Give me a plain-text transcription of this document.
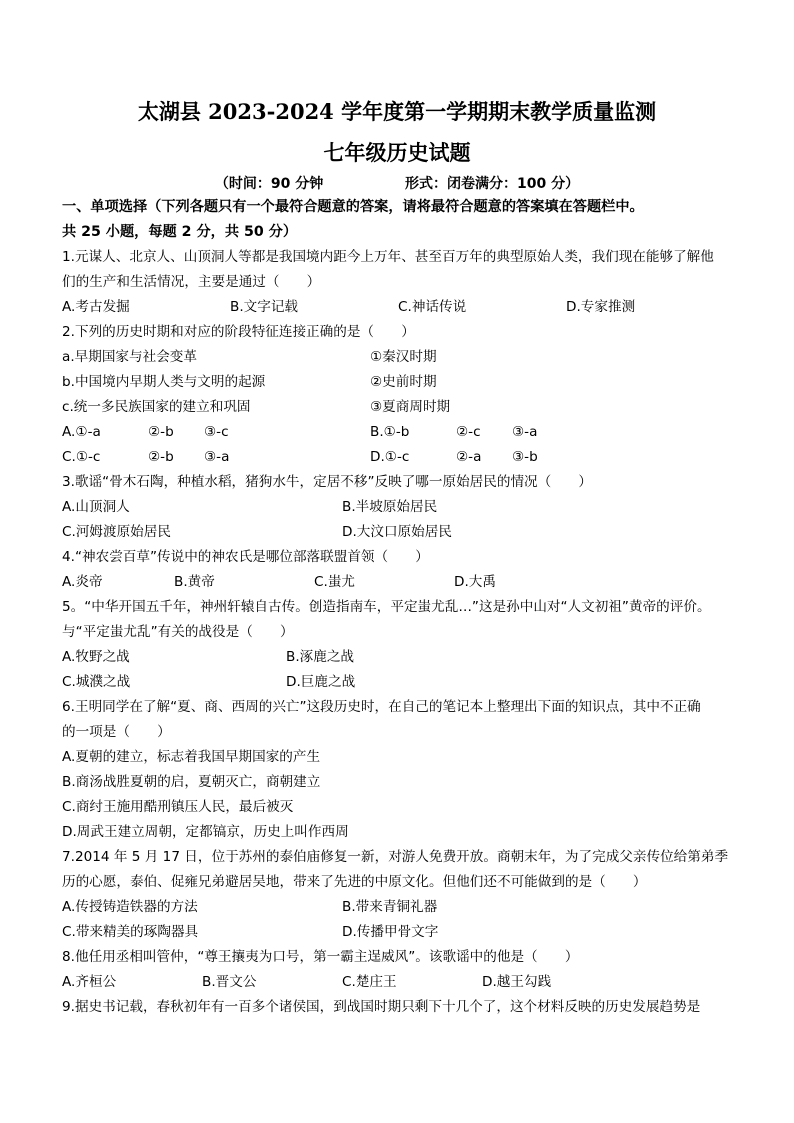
太湖县 2023-2024 学年度第一学期期末教学质量监测
七年级历史试题
（时间：90 分钟	形式：闭卷满分：100 分）
一、单项选择（下列各题只有一个最符合题意的答案，请将最符合题意的答案填在答题栏中。
共 25 小题，每题 2 分，共 50 分）
1.元谋人、北京人、山顶洞人等都是我国境内距今上万年、甚至百万年的典型原始人类，我们现在能够了解他
们的生产和生活情况，主要是通过（　　）
A.考古发掘	B.文字记载	C.神话传说	D.专家推测
2.下列的历史时期和对应的阶段特征连接正确的是（　　）
a.早期国家与社会变革	①秦汉时期
b.中国境内早期人类与文明的起源	②史前时期
c.统一多民族国家的建立和巩固	③夏商周时期
A.①-a	②-b ③-c	B.①-b	②-c ③-a
C.①-c	②-b ③-a	D.①-c	②-a ③-b
3.歌谣“骨木石陶，种植水稻，猪狗水牛，定居不移”反映了哪一原始居民的情况（　　）
A.山顶洞人	B.半坡原始居民
C.河姆渡原始居民	D.大汶口原始居民
4.“神农尝百草”传说中的神农氏是哪位部落联盟首领（　　）
A.炎帝	B.黄帝	C.蚩尤	D.大禹
5。“中华开国五千年，神州轩辕自古传。创造指南车，平定蚩尤乱…”这是孙中山对“人文初祖”黄帝的评价。
与“平定蚩尤乱”有关的战役是（　　）
A.牧野之战	B.涿鹿之战
C.城濮之战	D.巨鹿之战
6.王明同学在了解“夏、商、西周的兴亡”这段历史时，在自己的笔记本上整理出下面的知识点，其中不正确
的一项是（　　）
A.夏朝的建立，标志着我国早期国家的产生
B.商汤战胜夏朝的启，夏朝灭亡，商朝建立
C.商纣王施用酷刑镇压人民，最后被灭
D.周武王建立周朝，定都镐京，历史上叫作西周
7.2014 年 5 月 17 日，位于苏州的泰伯庙修复一新，对游人免费开放。商朝末年，为了完成父亲传位给第弟季
历的心愿，泰伯、促雍兄弟避居吴地，带来了先进的中原文化。但他们还不可能做到的是（　　）
A.传授铸造铁器的方法	B.带来青铜礼器
C.带来精美的琢陶器具	D.传播甲骨文字
8.他任用丞相叫管仲，“尊王攘夷为口号，第一霸主逞威风”。该歌谣中的他是（　　）
A.齐桓公	B.晋文公	C.楚庄王	D.越王勾践
9.据史书记载，春秋初年有一百多个诸侯国，到战国时期只剩下十几个了，这个材料反映的历史发展趋势是
